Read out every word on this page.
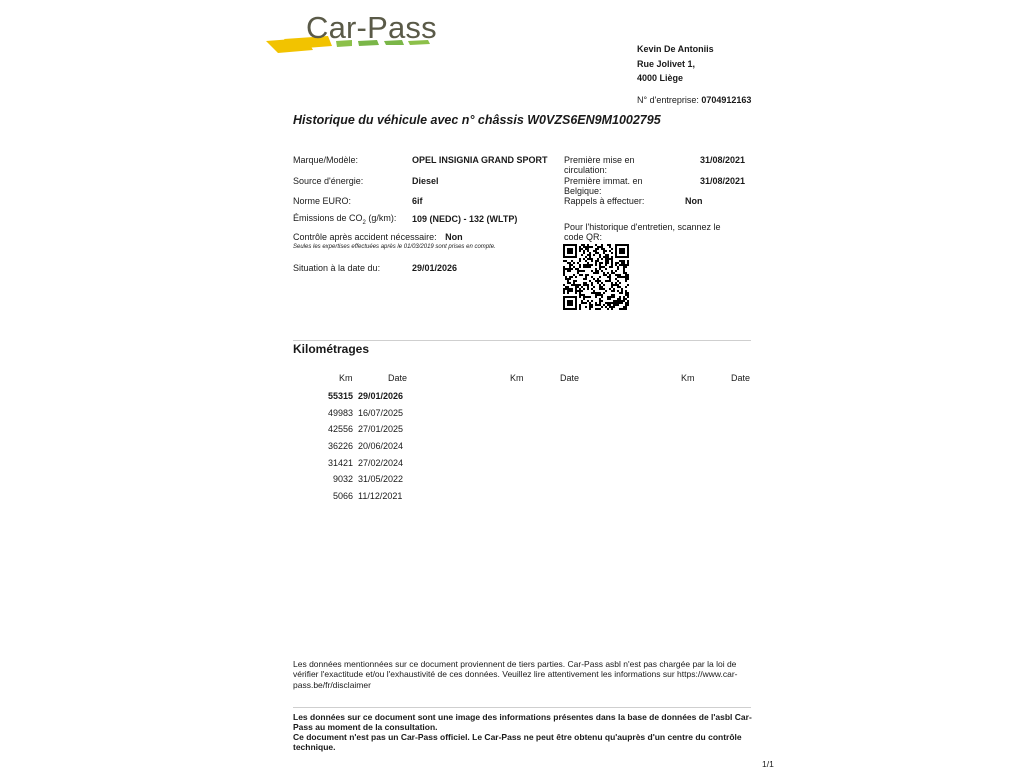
Car-Pass
Kevin De Antoniis
Rue Jolivet 1,
4000 Liège
N° d'entreprise: 0704912163
Historique du véhicule avec n° châssis W0VZS6EN9M1002795
Marque/Modèle:	OPEL INSIGNIA GRAND SPORT
Source d'énergie:	Diesel
Norme EURO:	6if
Émissions de $CO_2$ (g/km): 109 (NEDC) - 132 (WLTP)
Contrôle après accident nécessaire: Non
Seules les expertises effectuées après le 01/03/2019 sont prises en compte.
Situation à la date du:	29/01/2026
Première mise en circulation:
31/08/2021
Première immat. en Belgique:
31/08/2021
Rappels à effectuer:	Non
Pour l'historique d'entretien, scannez le code QR:
Kilométrages
Km	Date	Km	Date	Km	Date
55315 29/01/2026
49983 16/07/2025
42556 27/01/2025
36226 20/06/2024
31421 27/02/2024
9032 31/05/2022
5066 11/12/2021
Les données mentionnées sur ce document proviennent de tiers parties. Car-Pass asbl n'est pas chargée par la loi de vérifier l'exactitude et/ou l'exhaustivité de ces données. Veuillez lire attentivement les informations sur https://www.car-pass.be/fr/disclaimer
Les données sur ce document sont une image des informations présentes dans la base de données de l'asbl Car-Pass au moment de la consultation.
Ce document n'est pas un Car-Pass officiel. Le Car-Pass ne peut être obtenu qu'auprès d'un centre du contrôle technique.
1/1
